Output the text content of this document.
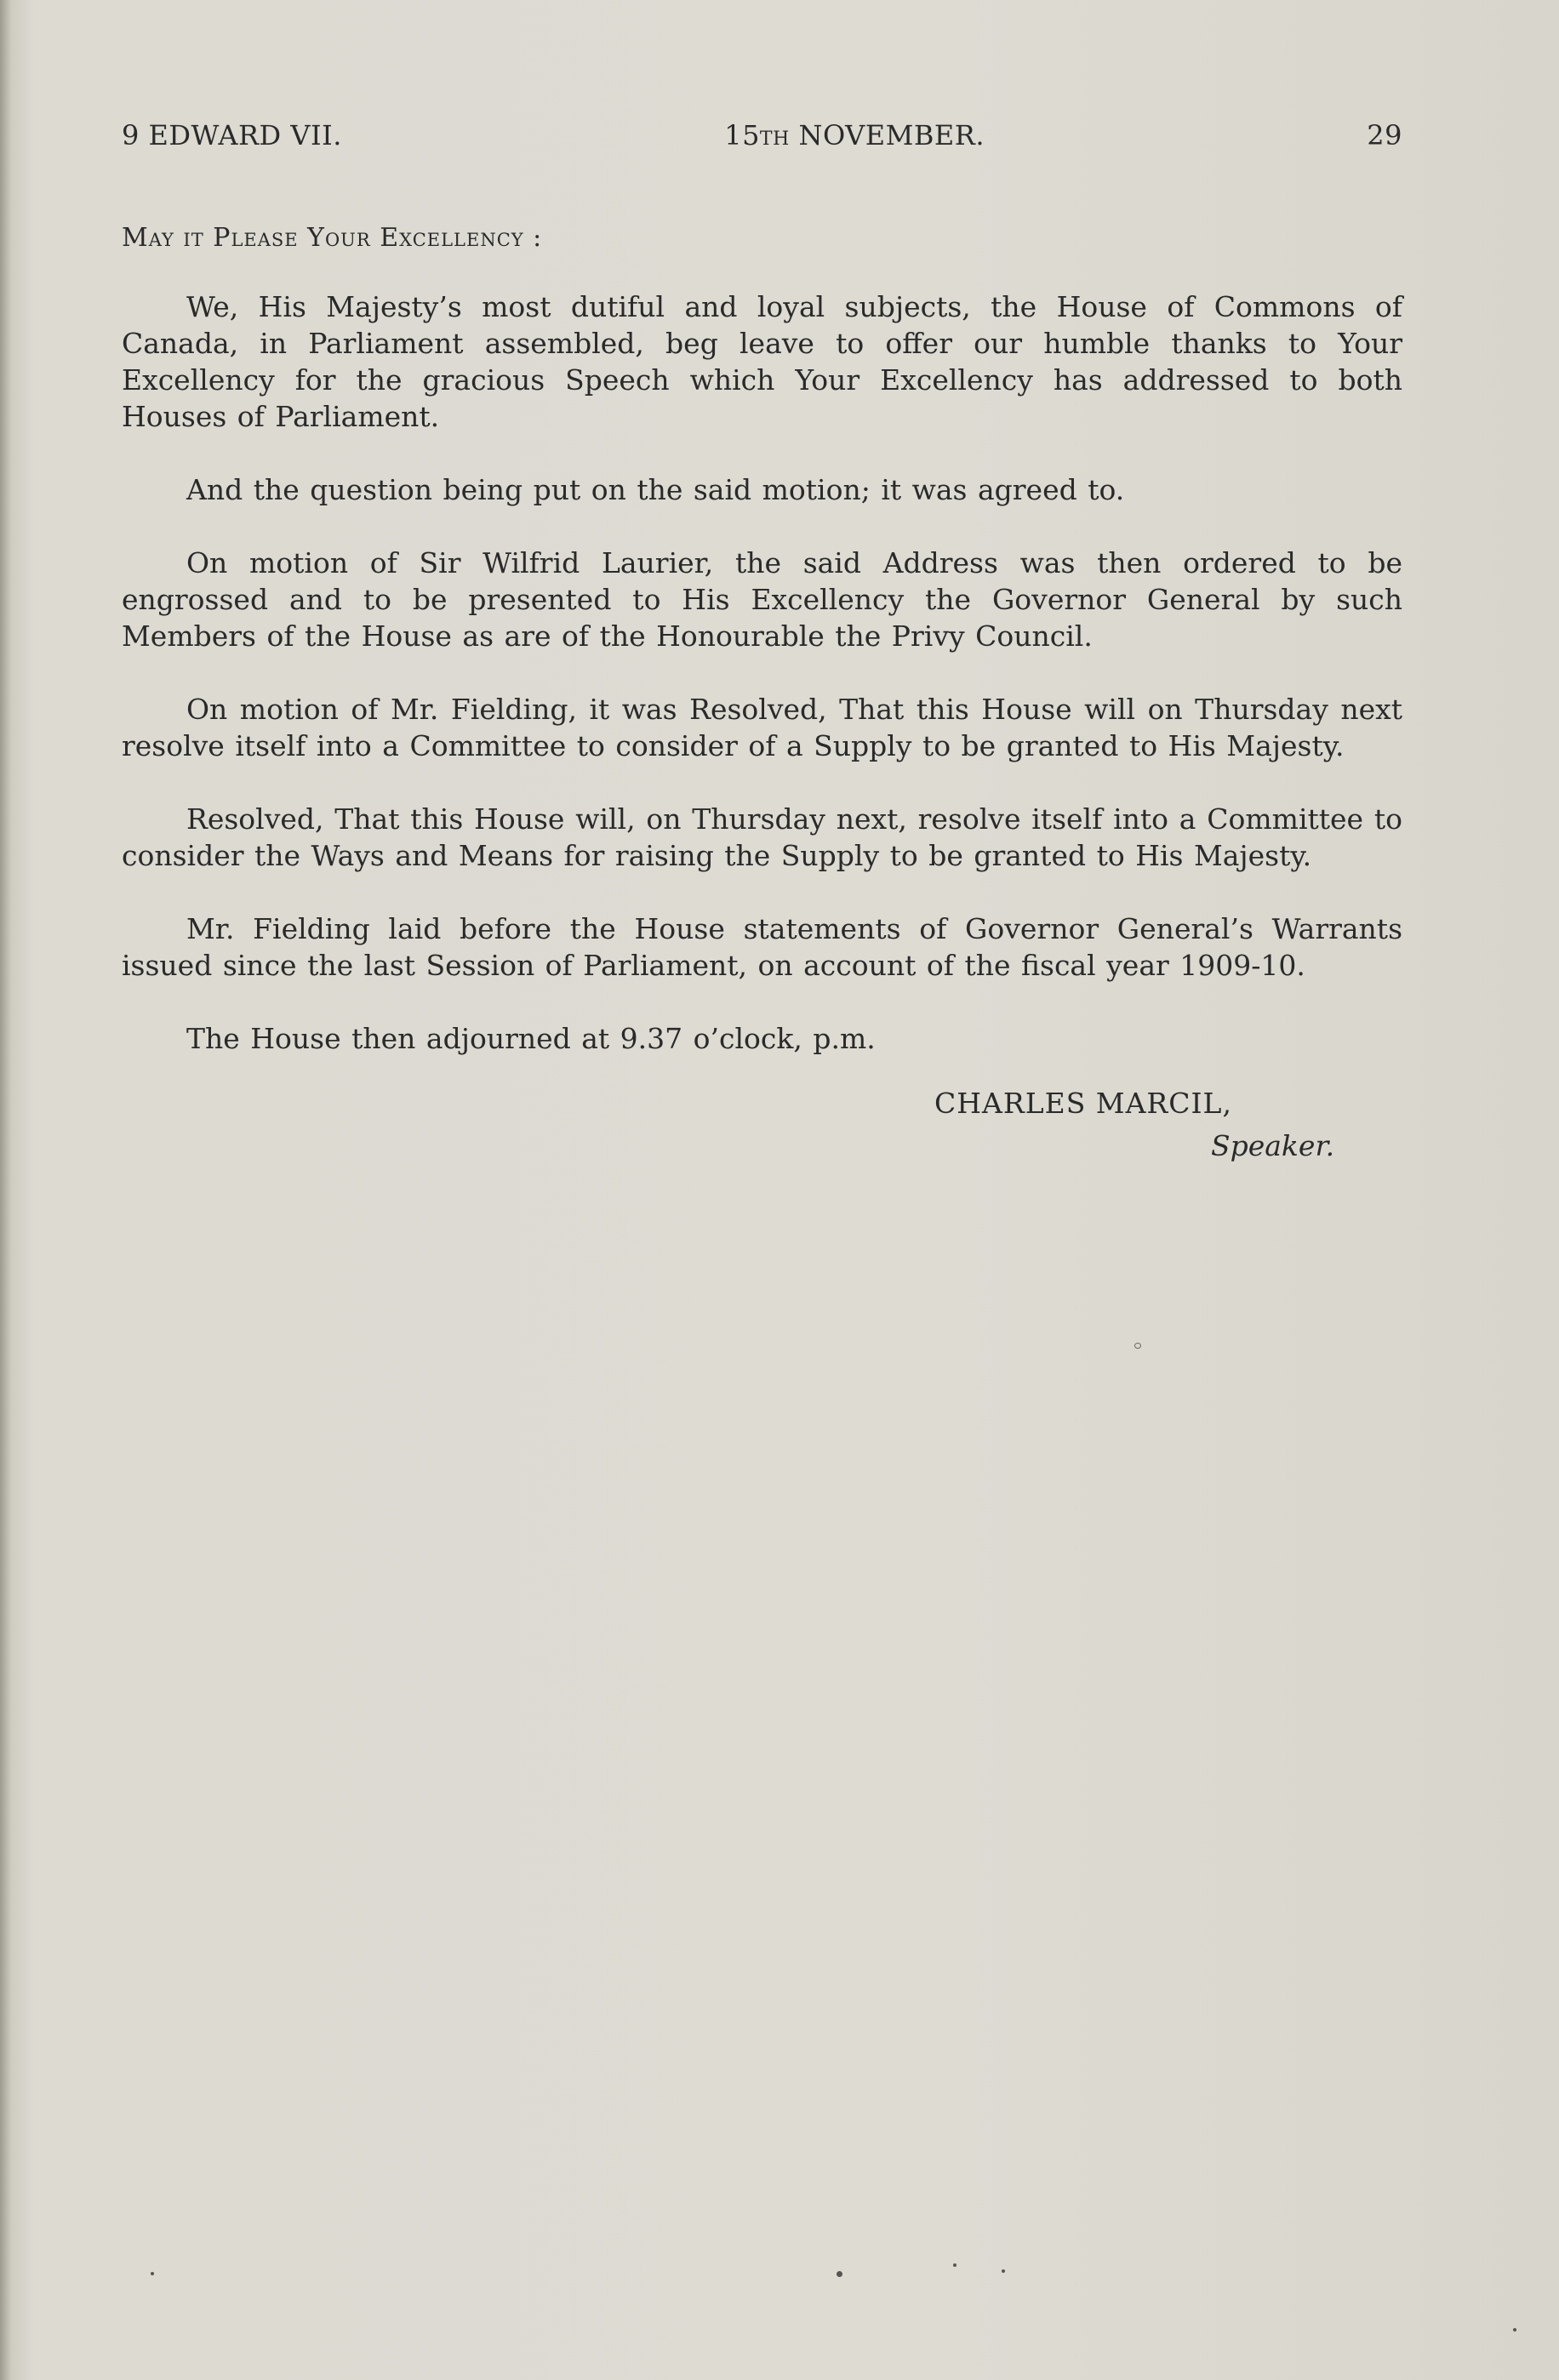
9 EDWARD VII.	15TH NOVEMBER.	29
May it Please Your Excellency :

We, His Majesty’s most dutiful and loyal subjects, the House of Commons of Canada, in Parliament assembled, beg leave to offer our humble thanks to Your Excellency for the gracious Speech which Your Excellency has addressed to both Houses of Parliament.

And the question being put on the said motion; it was agreed to.

On motion of Sir Wilfrid Laurier, the said Address was then ordered to be engrossed and to be presented to His Excellency the Governor General by such Members of the House as are of the Honourable the Privy Council.

On motion of Mr. Fielding, it was Resolved, That this House will on Thursday next resolve itself into a Committee to consider of a Supply to be granted to His Majesty.

Resolved, That this House will, on Thursday next, resolve itself into a Committee to consider the Ways and Means for raising the Supply to be granted to His Majesty.

Mr. Fielding laid before the House statements of Governor General’s Warrants issued since the last Session of Parliament, on account of the fiscal year 1909-10.

The House then adjourned at 9.37 o’clock, p.m.

CHARLES MARCIL,
Speaker.
